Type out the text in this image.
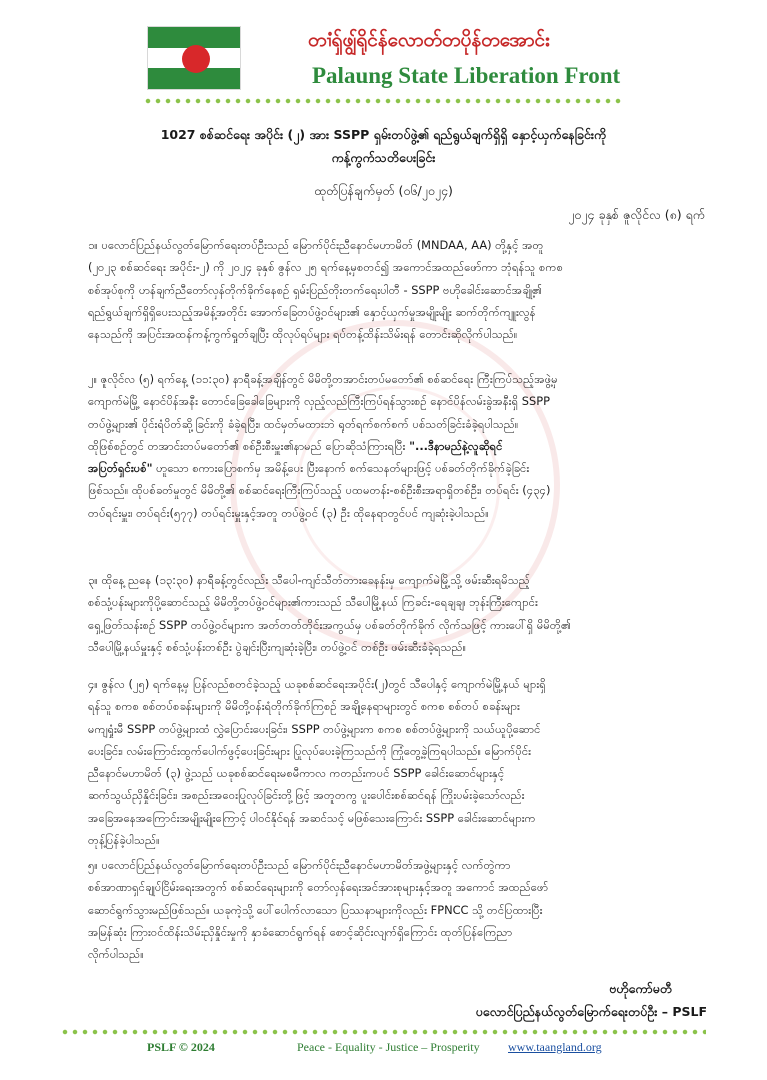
တၢံၡ်ဖျွ်ရိုင်န်လောတ်တပိုန်တအောင်း
Palaung State Liberation Front
1027 စစ်ဆင်ရေး အပိုင်း (၂) အား SSPP ရှမ်းတပ်ဖွဲ့၏ ရည်ရွယ်ချက်ရှိရှိ နှောင့်ယှက်နေခြင်းကို
ကန့်ကွက်သတိပေးခြင်း
ထုတ်ပြန်ချက်မှတ် (၀၆/၂၀၂၄)
၂၀၂၄ ခုနှစ် ဇူလိုင်လ (၈) ရက်
၁။ ပလောင်ပြည်နယ်လွတ်မြောက်ရေးတပ်ဦးသည် မြောက်ပိုင်းညီနောင်မဟာမိတ် (MNDAA, AA) တို့နှင့် အတူ
(၂၀၂၃ စစ်ဆင်ရေး အပိုင်း-၂) ကို ၂၀၂၄ ခုနှစ် ဇွန်လ ၂၅ ရက်နေ့မှစတင်၍ အကောင်အထည်ဖော်ကာ ဘုံရန်သူ စကစ
စစ်အုပ်စုကို ဟန်ချက်ညီတော်လှန်တိုက်ခိုက်နေစဉ် ရှမ်းပြည်တိုးတက်ရေးပါတီ - SSPP ဗဟိုခေါင်းဆောင်အချို့၏
ရည်ရွယ်ချက်ရှိရှိပေးသည့်အမိန့်အတိုင်း အောက်ခြေတပ်ဖွဲ့ဝင်များ၏ နှောင့်ယှက်မှုအမျိုးမျိုး ဆက်တိုက်ကျူးလွန်
နေသည်ကို အပြင်းအထန်ကန့်ကွက်ရှုတ်ချပြီး ထိုလုပ်ရပ်များ ရပ်တန့်ထိန်းသိမ်းရန် တောင်းဆိုလိုက်ပါသည်။
၂။ ဇူလိုင်လ (၅) ရက်နေ့ (၁၁:၃၀) နာရီခန့်အချိန်တွင် မိမိတို့တအာင်းတပ်မတော်၏ စစ်ဆင်ရေး ကြီးကြပ်သည့်အဖွဲ့မှ
ကျောက်မဲမြို့ နောင်ပိန်အနီး တောင်ခြေခေါခြေများကို လှည့်လည်ကြီးကြပ်ရန်သွားစဉ် နောင်ပိန်လမ်းခွဲအနီးရှိ SSPP
တပ်ဖွဲ့များ၏ ပိုင်းရံပိတ်ဆို့ခြင်းကို ခံခဲ့ရပြီး၊ ထင်မှတ်မထားဘဲ ရုတ်ရက်စက်စက် ပစ်သတ်ခြင်းခံခဲ့ရပါသည်။
ထိုဖြစ်စဉ်တွင် တအာင်းတပ်မတော်၏ စစ်ဦးစီးမှူး၏နာမည် ပြောဆိုသံကြားရပြီး "...ဒီနာမည်နဲ့လူဆိုရင်
အပြတ်ရှင်းပစ်" ဟူသော စကားပြောစက်မှ အမိန့်ပေး ပြီးနောက် စက်သေနတ်များဖြင့် ပစ်ခတ်တိုက်ခိုက်ခဲ့ခြင်း
ဖြစ်သည်။ ထိုပစ်ခတ်မှုတွင် မိမိတို့၏ စစ်ဆင်ရေးကြီးကြပ်သည့် ပထမတန်း-စစ်ဦးစီးအရာရှိတစ်ဦး၊ တပ်ရင်း (၄၃၄)
တပ်ရင်းမှူး၊ တပ်ရင်း(၅၇၇) တပ်ရင်းမှူးနှင့်အတူ တပ်ဖွဲ့ဝင် (၃) ဦး ထိုနေရာတွင်ပင် ကျဆုံးခဲ့ပါသည်။
၃။ ထိုနေ့ ညနေ (၁၃:၃၀) နာရီခန့်တွင်လည်း သီပေါ-ကျင်သီတ်တားခေနန်းမှ ကျောက်မဲမြို့သို့ ဖမ်းဆီးရမိသည့်
စစ်သုံ့ပန်းများကိုပို့ဆောင်သည့် မိမိတို့တပ်ဖွဲ့ဝင်များ၏ကားသည် သီပေါမြို့နယ် ကြခင်း-ရေချချ၊ ဘုန်းကြီးကျောင်း
ရှေ့ဖြတ်သန်းစဉ် SSPP တပ်ဖွဲ့ဝင်များက အတ်တတ်တိုင်းအကွယ်မှ ပစ်ခတ်တိုက်ခိုက် လိုက်သဖြင့် ကားပေါ်ရှိ မိမိတို့၏
သီပေါမြို့နယ်မှူးနှင့် စစ်သုံ့ပန်းတစ်ဦး ပွဲချင်းပြီးကျဆုံးခဲ့ပြီး၊ တပ်ဖွဲ့ဝင် တစ်ဦး ဖမ်းဆီးခံခဲ့ရသည်။
၄။ ဇွန်လ (၂၅) ရက်နေ့မှ ပြန်လည်စတင်ခဲ့သည့် ယခုစစ်ဆင်ရေးအပိုင်း(၂)တွင် သီပေါနှင့် ကျောက်မဲမြို့နယ် များရှိ
ရန်သူ စကစ စစ်တပ်စခန်းများကို မိမိတို့ဝန်းရံတိုက်ခိုက်ကြစဉ် အချို့နေရာများတွင် စကစ စစ်တပ် စခန်းများ
မကျရှုံးမီ SSPP တပ်ဖွဲ့များထံ လွှဲပြောင်းပေးခြင်း၊ SSPP တပ်ဖွဲ့များက စကစ စစ်တပ်ဖွဲ့များကို သယ်ယူပို့ဆောင်
ပေးခြင်း၊ လမ်းကြောင်းထွက်ပေါက်ဖွင့်ပေးခြင်းများ ပြုလုပ်ပေးခဲ့ကြသည်ကို ကြုံတွေ့ခဲ့ကြရပါသည်။ မြောက်ပိုင်း
ညီနောင်မဟာမိတ် (၃) ဖွဲ့သည် ယခုစစ်ဆင်ရေးမစမီကာလ ကတည်းကပင် SSPP ခေါင်းဆောင်များနှင့်
ဆက်သွယ်ညှိနှိုင်းခြင်း၊ အစည်းအဝေးပြုလုပ်ခြင်းတို့ဖြင့် အတူတကွ ပူးပေါင်းစစ်ဆင်ရန် ကြိုးပမ်းခဲ့သော်လည်း
အခြေအနေအကြောင်းအမျိုးမျိုးကြောင့် ပါဝင်နိုင်ရန် အဆင်သင့် မဖြစ်သေးကြောင်း SSPP ခေါင်းဆောင်များက
တုန့်ပြန်ခဲ့ပါသည်။
၅။ ပလောင်ပြည်နယ်လွတ်မြောက်ရေးတပ်ဦးသည် မြောက်ပိုင်းညီနောင်မဟာမိတ်အဖွဲ့များနှင့် လက်တွဲကာ
စစ်အာဏာရှင်ချုပ်ငြိမ်းရေးအတွက် စစ်ဆင်ရေးများကို တော်လှန်ရေးအင်အားစုများနှင့်အတူ အကောင် အထည်ဖော်
ဆောင်ရွက်သွားမည်ဖြစ်သည်။ ယခုကဲ့သို့ ပေါ်ပေါက်လာသော ပြဿနာများကိုလည်း FPNCC သို့ တင်ပြထားပြီး
အမြန်ဆုံး ကြားဝင်ထိန်းသိမ်းညှိနှိုင်းမှုကို နှာခံဆောင်ရွက်ရန် စောင့်ဆိုင်းလျက်ရှိကြောင်း ထုတ်ပြန်ကြေညာ
လိုက်ပါသည်။
ဗဟိုကော်မတီ
ပလောင်ပြည်နယ်လွတ်မြောက်ရေးတပ်ဦး – PSLF
PSLF © 2024	Peace - Equality - Justice – Prosperity www.taangland.org
